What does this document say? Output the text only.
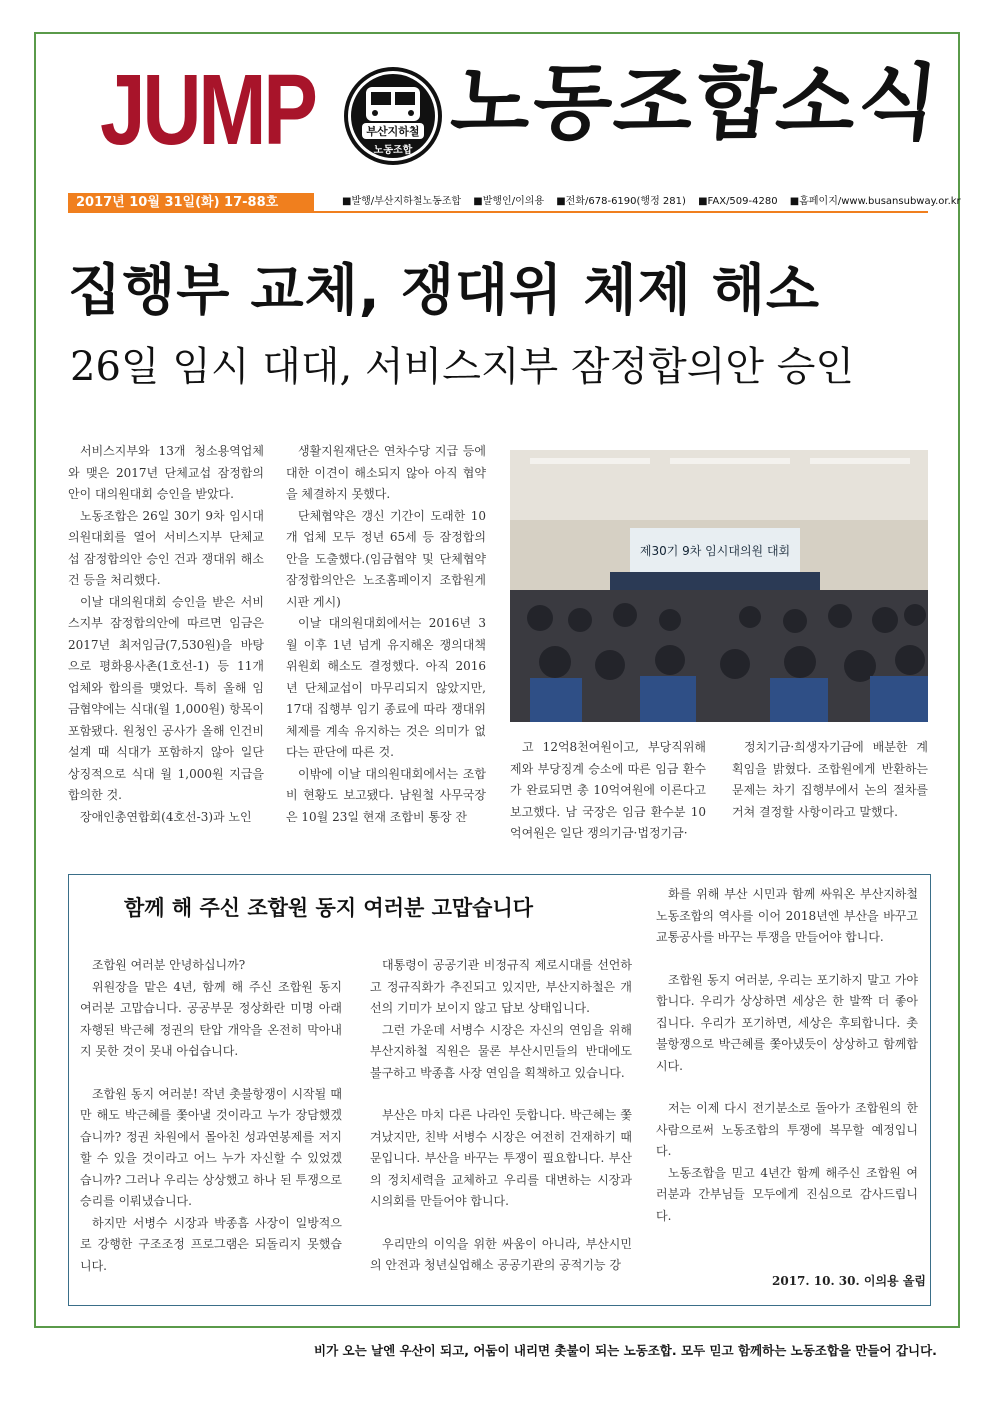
JUMP	부산지하철
노동조합 노동조합소식
2017년 10월 31일(화) 17-88호	■발행/부산지하철노동조합 ■발행인/이의용 ■전화/678-6190(행정 281) ■FAX/509-4280 ■홈페이지/www.busansubway.or.kr
집행부 교체, 쟁대위 체제 해소
26일 임시 대대, 서비스지부 잠정합의안 승인

서비스지부와 13개 청소용역업체와 맺은 2017년 단체교섭 잠정합의안이 대의원대회 승인을 받았다.

노동조합은 26일 30기 9차 임시대의원대회를 열어 서비스지부 단체교섭 잠정합의안 승인 건과 쟁대위 해소 건 등을 처리했다.

이날 대의원대회 승인을 받은 서비스지부 잠정합의안에 따르면 임금은 2017년 최저임금(7,530원)을 바탕으로 평화용사촌(1호선-1) 등 11개 업체와 합의를 맺었다. 특히 올해 임금협약에는 식대(월 1,000원) 항목이 포함됐다. 원청인 공사가 올해 인건비 설계 때 식대가 포함하지 않아 일단 상징적으로 식대 월 1,000원 지급을 합의한 것.

장애인총연합회(4호선-3)과 노인

생활지원재단은 연차수당 지급 등에 대한 이견이 해소되지 않아 아직 협약을 체결하지 못했다.

단체협약은 갱신 기간이 도래한 10개 업체 모두 정년 65세 등 잠정합의안을 도출했다.(임금협약 및 단체협약 잠정합의안은 노조홈페이지 조합원게시판 게시)

이날 대의원대회에서는 2016년 3월 이후 1년 넘게 유지해온 쟁의대책위원회 해소도 결정했다. 아직 2016년 단체교섭이 마무리되지 않았지만, 17대 집행부 임기 종료에 따라 쟁대위 체제를 계속 유지하는 것은 의미가 없다는 판단에 따른 것.

이밖에 이날 대의원대회에서는 조합비 현황도 보고됐다. 남원철 사무국장은 10월 23일 현재 조합비 통장 잔

제30기 9차 임시대의원 대회

고 12억8천여원이고, 부당직위해제와 부당징계 승소에 따른 임금 환수가 완료되면 총 10억여원에 이른다고 보고했다. 남 국장은 임금 환수분 10억여원은 일단 쟁의기금·법정기금·

정치기금·희생자기금에 배분한 계획임을 밝혔다. 조합원에게 반환하는 문제는 차기 집행부에서 논의 절차를 거쳐 결정할 사항이라고 말했다.

함께 해 주신 조합원 동지 여러분 고맙습니다

조합원 여러분 안녕하십니까?

위원장을 맡은 4년, 함께 해 주신 조합원 동지 여러분 고맙습니다. 공공부문 정상화란 미명 아래 자행된 박근혜 정권의 탄압 개악을 온전히 막아내지 못한 것이 못내 아쉽습니다.

조합원 동지 여러분! 작년 촛불항쟁이 시작될 때만 해도 박근혜를 쫓아낼 것이라고 누가 장담했겠습니까? 정권 차원에서 몰아친 성과연봉제를 저지할 수 있을 것이라고 어느 누가 자신할 수 있었겠습니까? 그러나 우리는 상상했고 하나 된 투쟁으로 승리를 이뤄냈습니다.

하지만 서병수 시장과 박종흠 사장이 일방적으로 강행한 구조조정 프로그램은 되돌리지 못했습니다.

대통령이 공공기관 비정규직 제로시대를 선언하고 정규직화가 추진되고 있지만, 부산지하철은 개선의 기미가 보이지 않고 답보 상태입니다.

그런 가운데 서병수 시장은 자신의 연임을 위해 부산지하철 직원은 물론 부산시민들의 반대에도 불구하고 박종흠 사장 연임을 획책하고 있습니다.

부산은 마치 다른 나라인 듯합니다. 박근혜는 쫓겨났지만, 친박 서병수 시장은 여전히 건재하기 때문입니다. 부산을 바꾸는 투쟁이 필요합니다. 부산의 정치세력을 교체하고 우리를 대변하는 시장과 시의회를 만들어야 합니다.

우리만의 이익을 위한 싸움이 아니라, 부산시민의 안전과 청년실업해소 공공기관의 공적기능 강

화를 위해 부산 시민과 함께 싸워온 부산지하철노동조합의 역사를 이어 2018년엔 부산을 바꾸고 교통공사를 바꾸는 투쟁을 만들어야 합니다.

조합원 동지 여러분, 우리는 포기하지 말고 가야합니다. 우리가 상상하면 세상은 한 발짝 더 좋아집니다. 우리가 포기하면, 세상은 후퇴합니다. 촛불항쟁으로 박근혜를 쫓아냈듯이 상상하고 함께합시다.

저는 이제 다시 전기분소로 돌아가 조합원의 한 사람으로써 노동조합의 투쟁에 복무할 예정입니다.

노동조합을 믿고 4년간 함께 해주신 조합원 여러분과 간부님들 모두에게 진심으로 감사드립니다.

2017. 10. 30. 이의용 올림
비가 오는 날엔 우산이 되고, 어둠이 내리면 촛불이 되는 노동조합. 모두 믿고 함께하는 노동조합을 만들어 갑니다.
